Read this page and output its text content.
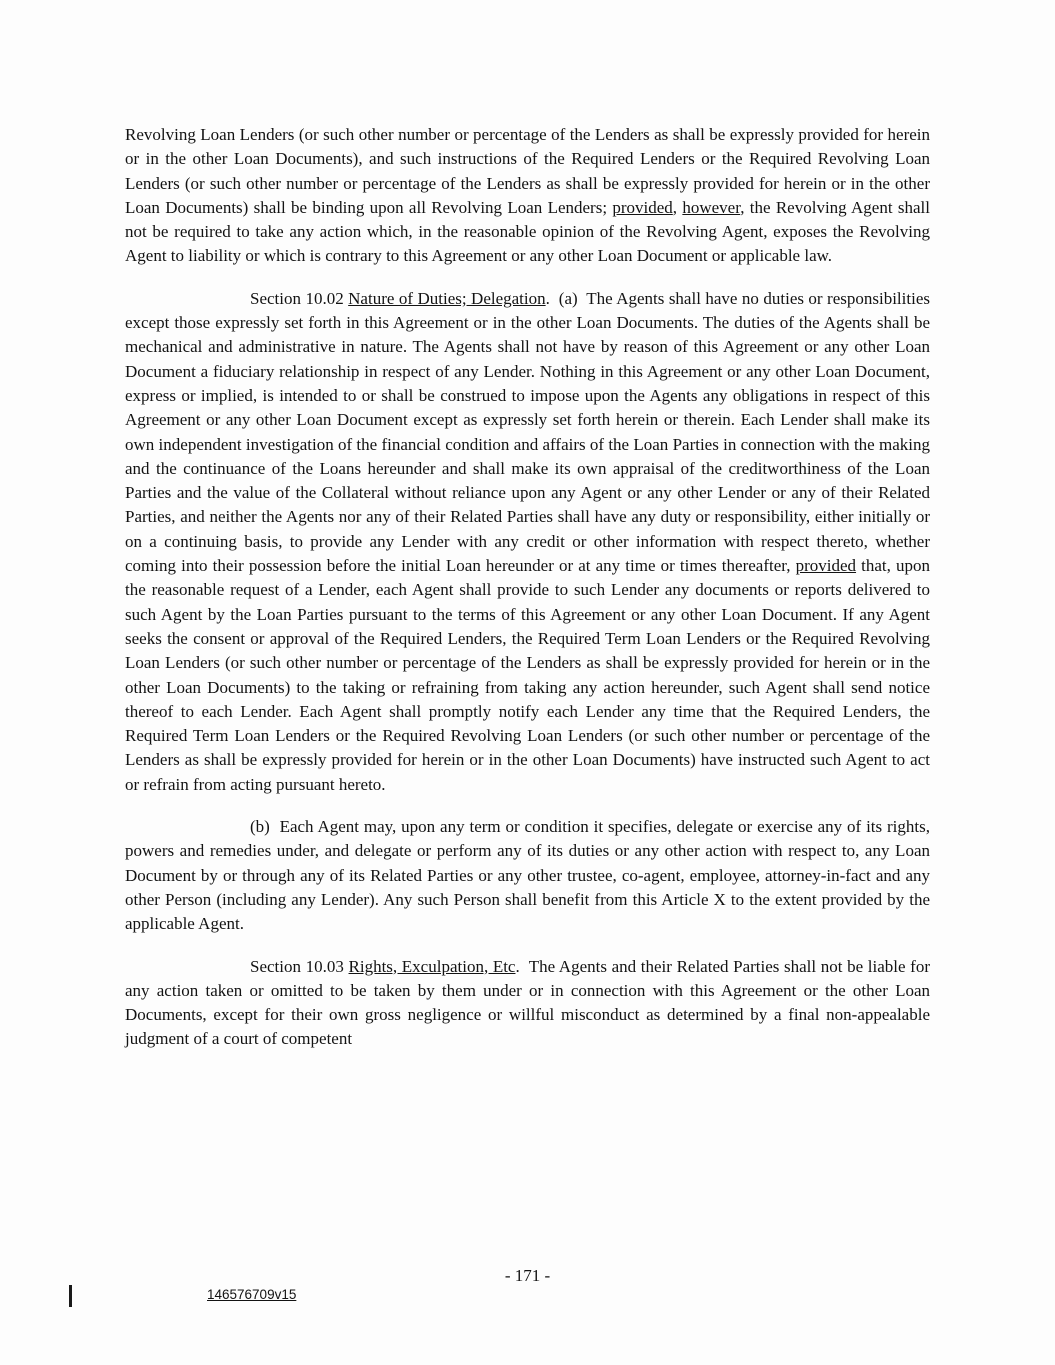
Revolving Loan Lenders (or such other number or percentage of the Lenders as shall be expressly provided for herein or in the other Loan Documents), and such instructions of the Required Lenders or the Required Revolving Loan Lenders (or such other number or percentage of the Lenders as shall be expressly provided for herein or in the other Loan Documents) shall be binding upon all Revolving Loan Lenders; provided, however, the Revolving Agent shall not be required to take any action which, in the reasonable opinion of the Revolving Agent, exposes the Revolving Agent to liability or which is contrary to this Agreement or any other Loan Document or applicable law.

Section 10.02 Nature of Duties; Delegation.  (a)  The Agents shall have no duties or responsibilities except those expressly set forth in this Agreement or in the other Loan Documents. The duties of the Agents shall be mechanical and administrative in nature. The Agents shall not have by reason of this Agreement or any other Loan Document a fiduciary relationship in respect of any Lender. Nothing in this Agreement or any other Loan Document, express or implied, is intended to or shall be construed to impose upon the Agents any obligations in respect of this Agreement or any other Loan Document except as expressly set forth herein or therein. Each Lender shall make its own independent investigation of the financial condition and affairs of the Loan Parties in connection with the making and the continuance of the Loans hereunder and shall make its own appraisal of the creditworthiness of the Loan Parties and the value of the Collateral without reliance upon any Agent or any other Lender or any of their Related Parties, and neither the Agents nor any of their Related Parties shall have any duty or responsibility, either initially or on a continuing basis, to provide any Lender with any credit or other information with respect thereto, whether coming into their possession before the initial Loan hereunder or at any time or times thereafter, provided that, upon the reasonable request of a Lender, each Agent shall provide to such Lender any documents or reports delivered to such Agent by the Loan Parties pursuant to the terms of this Agreement or any other Loan Document. If any Agent seeks the consent or approval of the Required Lenders, the Required Term Loan Lenders or the Required Revolving Loan Lenders (or such other number or percentage of the Lenders as shall be expressly provided for herein or in the other Loan Documents) to the taking or refraining from taking any action hereunder, such Agent shall send notice thereof to each Lender. Each Agent shall promptly notify each Lender any time that the Required Lenders, the Required Term Loan Lenders or the Required Revolving Loan Lenders (or such other number or percentage of the Lenders as shall be expressly provided for herein or in the other Loan Documents) have instructed such Agent to act or refrain from acting pursuant hereto.

(b)  Each Agent may, upon any term or condition it specifies, delegate or exercise any of its rights, powers and remedies under, and delegate or perform any of its duties or any other action with respect to, any Loan Document by or through any of its Related Parties or any other trustee, co-agent, employee, attorney-in-fact and any other Person (including any Lender). Any such Person shall benefit from this Article X to the extent provided by the applicable Agent.

Section 10.03 Rights, Exculpation, Etc.  The Agents and their Related Parties shall not be liable for any action taken or omitted to be taken by them under or in connection with this Agreement or the other Loan Documents, except for their own gross negligence or willful misconduct as determined by a final non-appealable judgment of a court of competent

- 171 -
146576709v15
